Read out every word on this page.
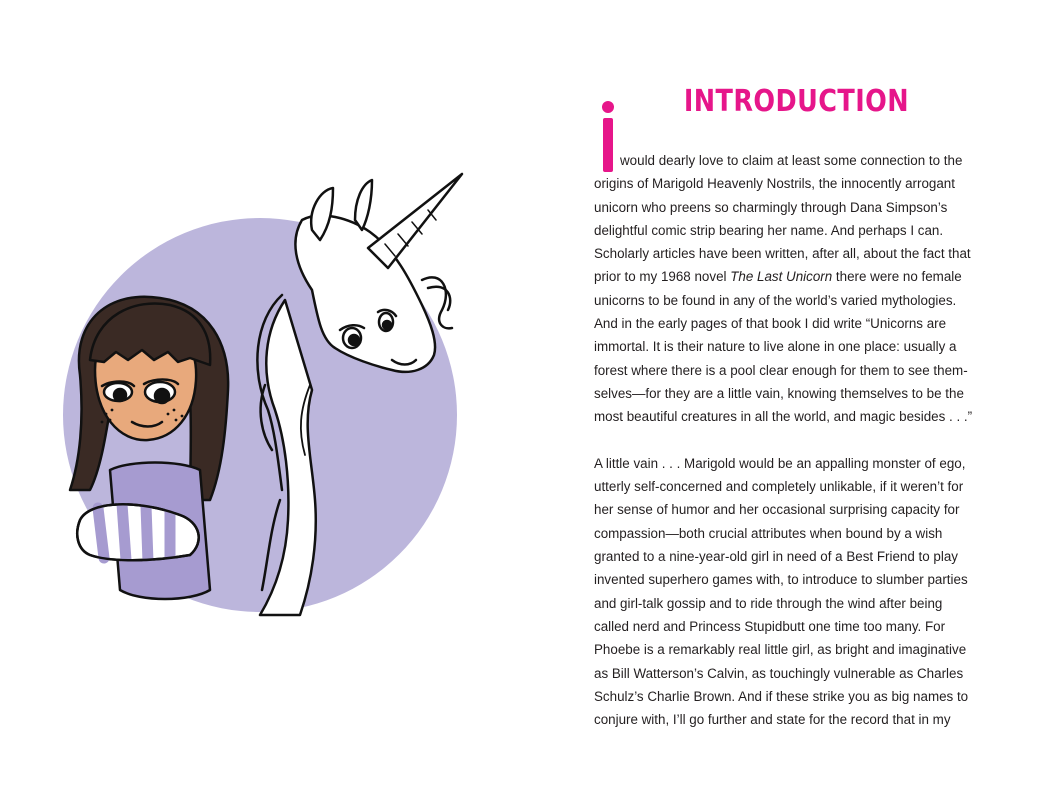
INTRODUCTION
would dearly love to claim at least some connection to the
origins of Marigold Heavenly Nostrils, the innocently arrogant
unicorn who preens so charmingly through Dana Simpson’s
delightful comic strip bearing her name. And perhaps I can.
Scholarly articles have been written, after all, about the fact that
prior to my 1968 novel The Last Unicorn there were no female
unicorns to be found in any of the world’s varied mythologies.
And in the early pages of that book I did write “Unicorns are
immortal. It is their nature to live alone in one place: usually a
forest where there is a pool clear enough for them to see them-
selves—for they are a little vain, knowing themselves to be the
most beautiful creatures in all the world, and magic besides . . .”
A little vain . . . Marigold would be an appalling monster of ego,
utterly self-concerned and completely unlikable, if it weren’t for
her sense of humor and her occasional surprising capacity for
compassion—both crucial attributes when bound by a wish
granted to a nine-year-old girl in need of a Best Friend to play
invented superhero games with, to introduce to slumber parties
and girl-talk gossip and to ride through the wind after being
called nerd and Princess Stupidbutt one time too many. For
Phoebe is a remarkably real little girl, as bright and imaginative
as Bill Watterson’s Calvin, as touchingly vulnerable as Charles
Schulz’s Charlie Brown. And if these strike you as big names to
conjure with, I’ll go further and state for the record that in my
